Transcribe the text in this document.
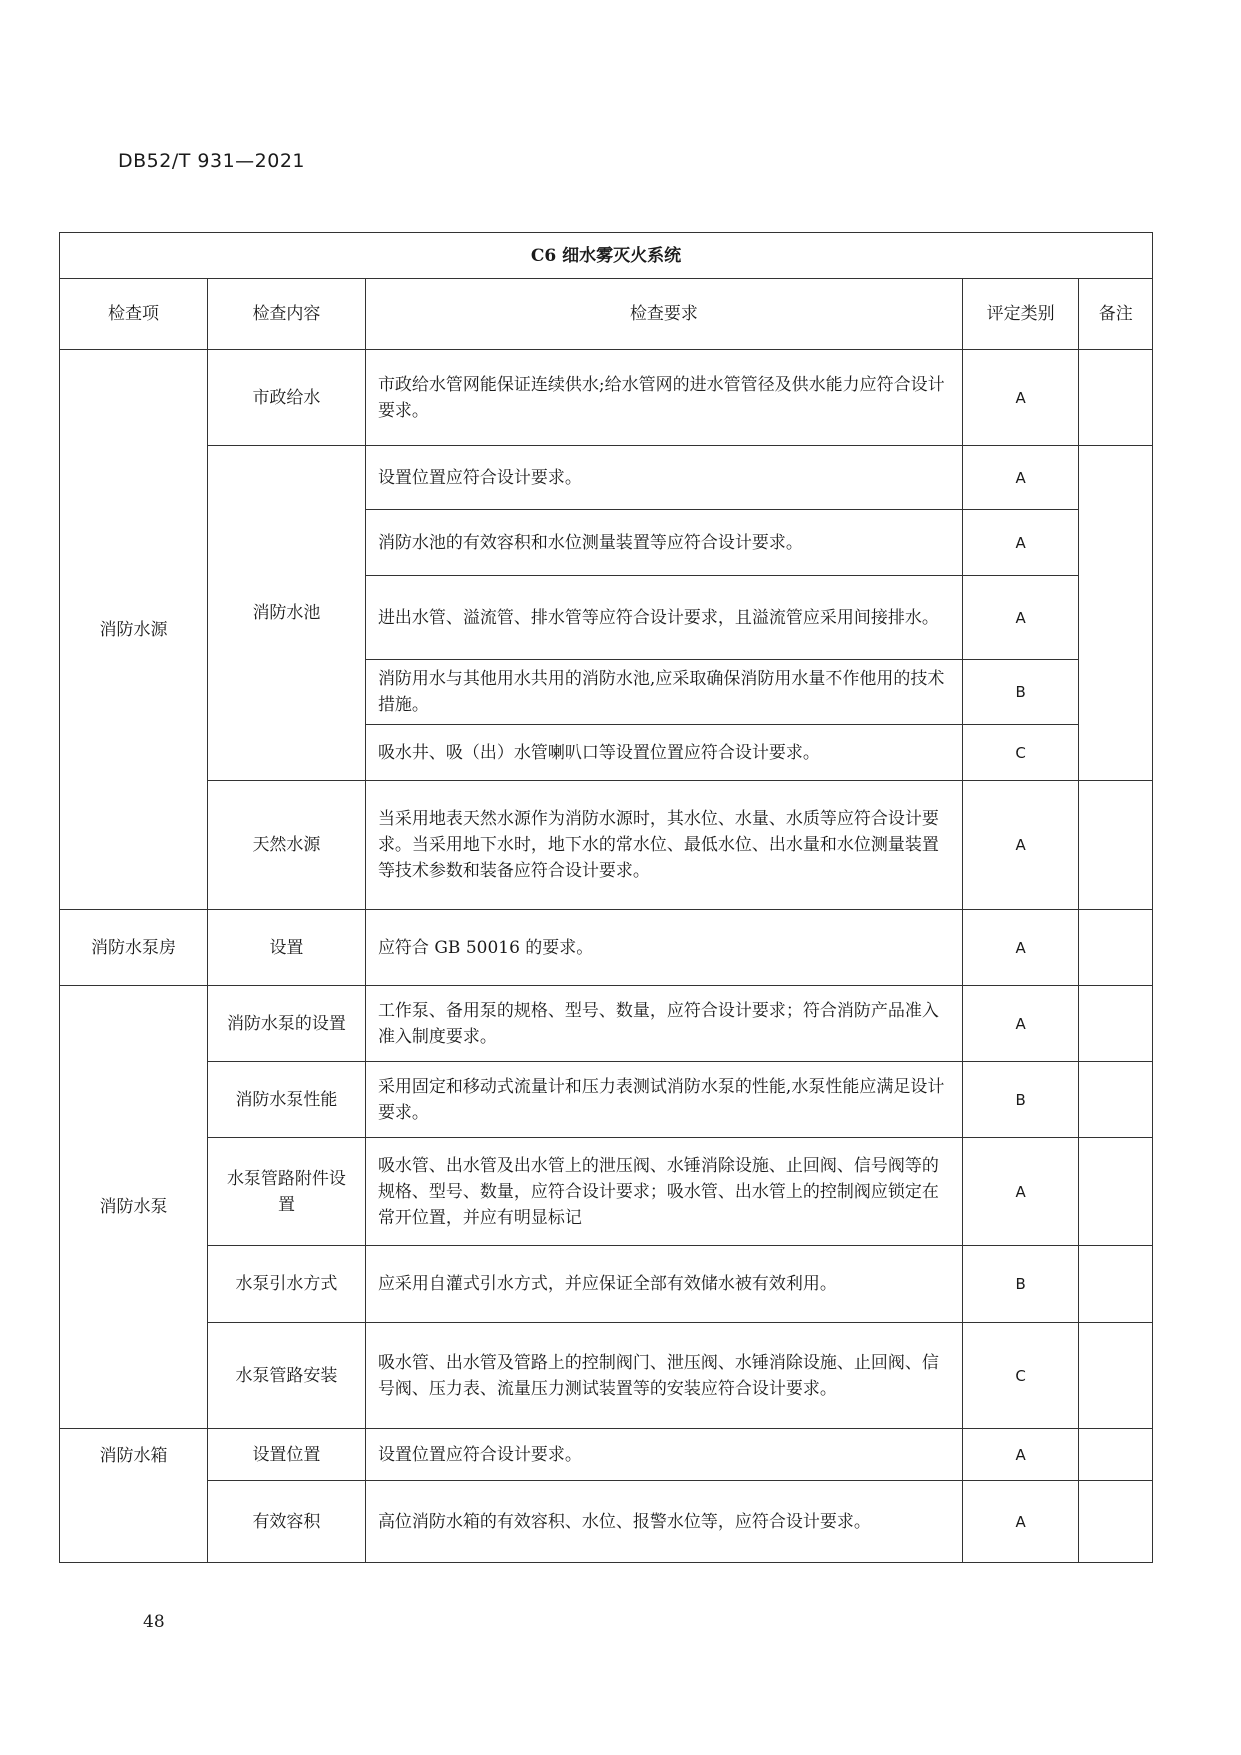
DB52/T 931—2021
C6 细水雾灭火系统				
检查项	检查内容	检查要求	评定类别	备注
消防水源	市政给水	市政给水管网能保证连续供水;给水管网的进水管管径及供水能力应符合设计要求。	A	
	消防水池	设置位置应符合设计要求。	A	
		消防水池的有效容积和水位测量装置等应符合设计要求。	A	
		进出水管、溢流管、排水管等应符合设计要求，且溢流管应采用间接排水。	A	
		消防用水与其他用水共用的消防水池,应采取确保消防用水量不作他用的技术措施。	B	
		吸水井、吸（出）水管喇叭口等设置位置应符合设计要求。	C	
	天然水源	当采用地表天然水源作为消防水源时，其水位、水量、水质等应符合设计要求。当采用地下水时，地下水的常水位、最低水位、出水量和水位测量装置等技术参数和装备应符合设计要求。	A	
消防水泵房	设置	应符合 GB 50016 的要求。	A	
消防水泵	消防水泵的设置	工作泵、备用泵的规格、型号、数量，应符合设计要求；符合消防产品准入准入制度要求。	A	
	消防水泵性能	采用固定和移动式流量计和压力表测试消防水泵的性能,水泵性能应满足设计要求。	B	
	水泵管路附件设置	吸水管、出水管及出水管上的泄压阀、水锤消除设施、止回阀、信号阀等的规格、型号、数量，应符合设计要求；吸水管、出水管上的控制阀应锁定在常开位置，并应有明显标记	A	
	水泵引水方式	应采用自灌式引水方式，并应保证全部有效储水被有效利用。	B	
	水泵管路安装	吸水管、出水管及管路上的控制阀门、泄压阀、水锤消除设施、止回阀、信号阀、压力表、流量压力测试装置等的安装应符合设计要求。	C	
消防水箱	设置位置	设置位置应符合设计要求。	A	
	有效容积	高位消防水箱的有效容积、水位、报警水位等，应符合设计要求。	A	
48
